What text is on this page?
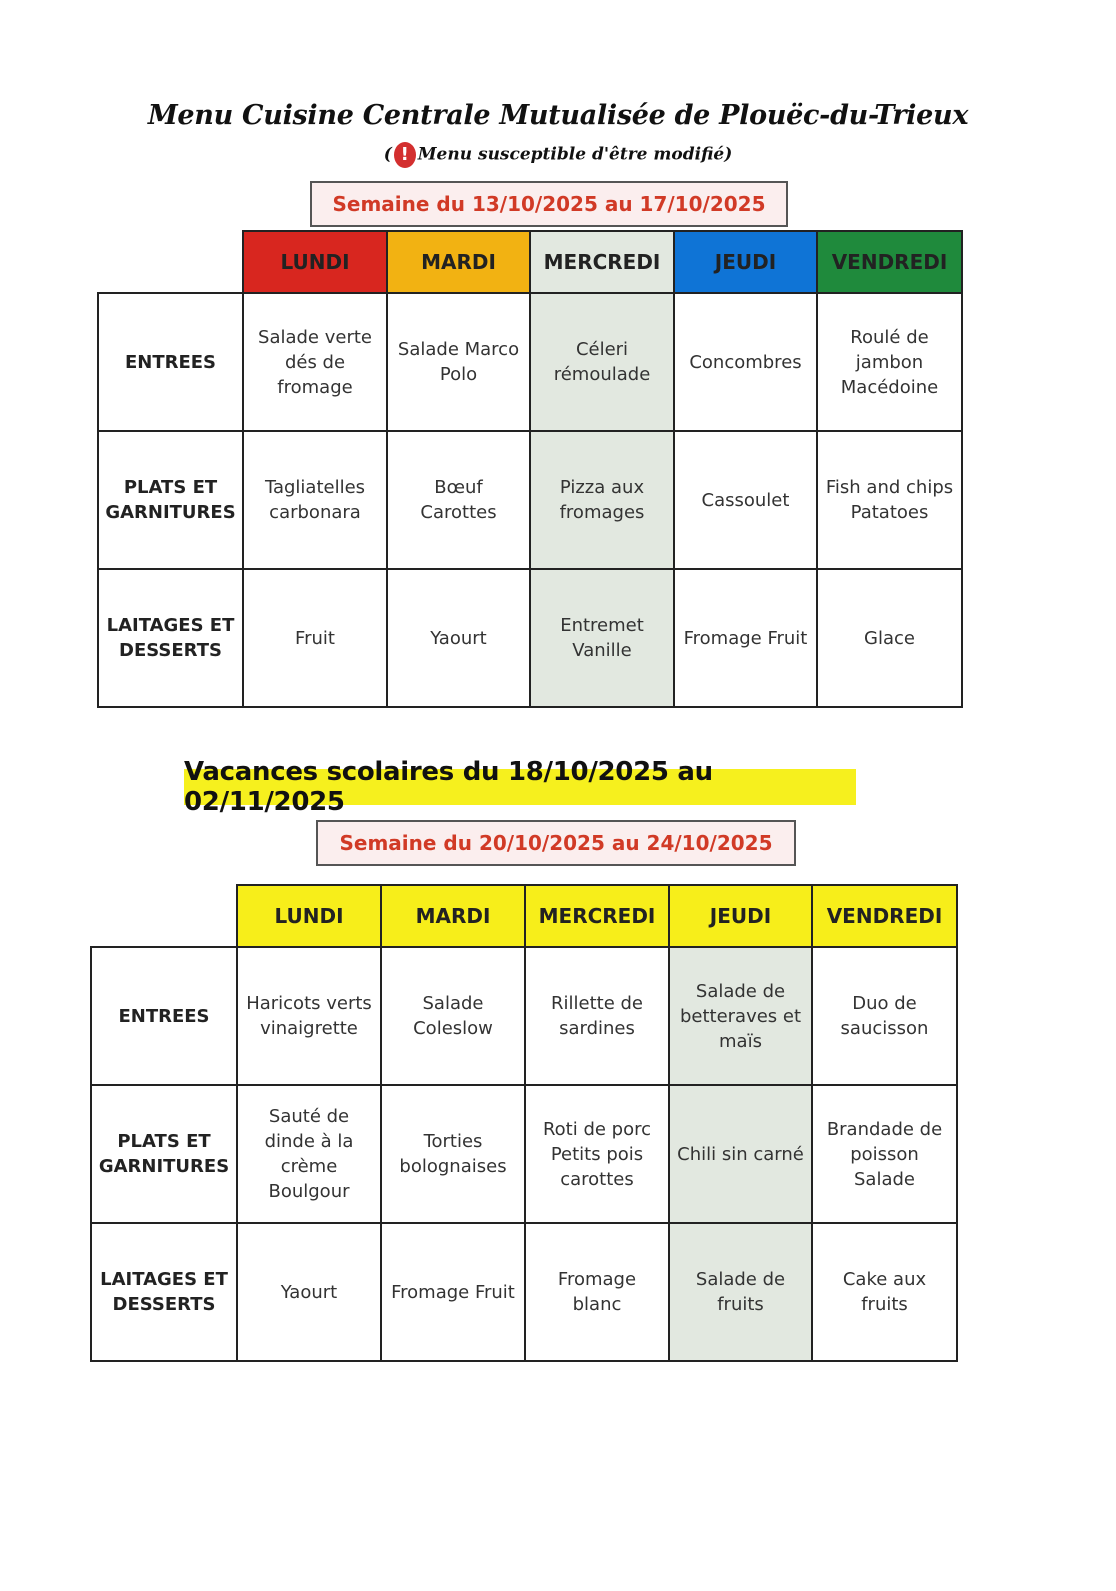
Menu Cuisine Centrale Mutualisée de Plouëc-du-Trieux
( ! Menu susceptible d'être modifié)
Semaine du 13/10/2025 au 17/10/2025
	LUNDI	MARDI	MERCREDI	JEUDI	VENDREDI
ENTREES	Salade verte dés de fromage	Salade Marco Polo	Céleri rémoulade	Concombres	Roulé de jambon Macédoine
PLATS ET GARNITURES	Tagliatelles carbonara	Bœuf Carottes	Pizza aux fromages	Cassoulet	Fish and chips Patatoes
LAITAGES ET DESSERTS	Fruit	Yaourt	Entremet Vanille	Fromage Fruit	Glace
Vacances scolaires du 18/10/2025 au 02/11/2025
Semaine du 20/10/2025 au 24/10/2025
	LUNDI	MARDI	MERCREDI	JEUDI	VENDREDI
ENTREES	Haricots verts vinaigrette	Salade Coleslow	Rillette de sardines	Salade de betteraves et maïs	Duo de saucisson
PLATS ET GARNITURES	Sauté de dinde à la crème Boulgour	Torties bolognaises	Roti de porc Petits pois carottes	Chili sin carné	Brandade de poisson Salade
LAITAGES ET DESSERTS	Yaourt	Fromage Fruit	Fromage blanc	Salade de fruits	Cake aux fruits
